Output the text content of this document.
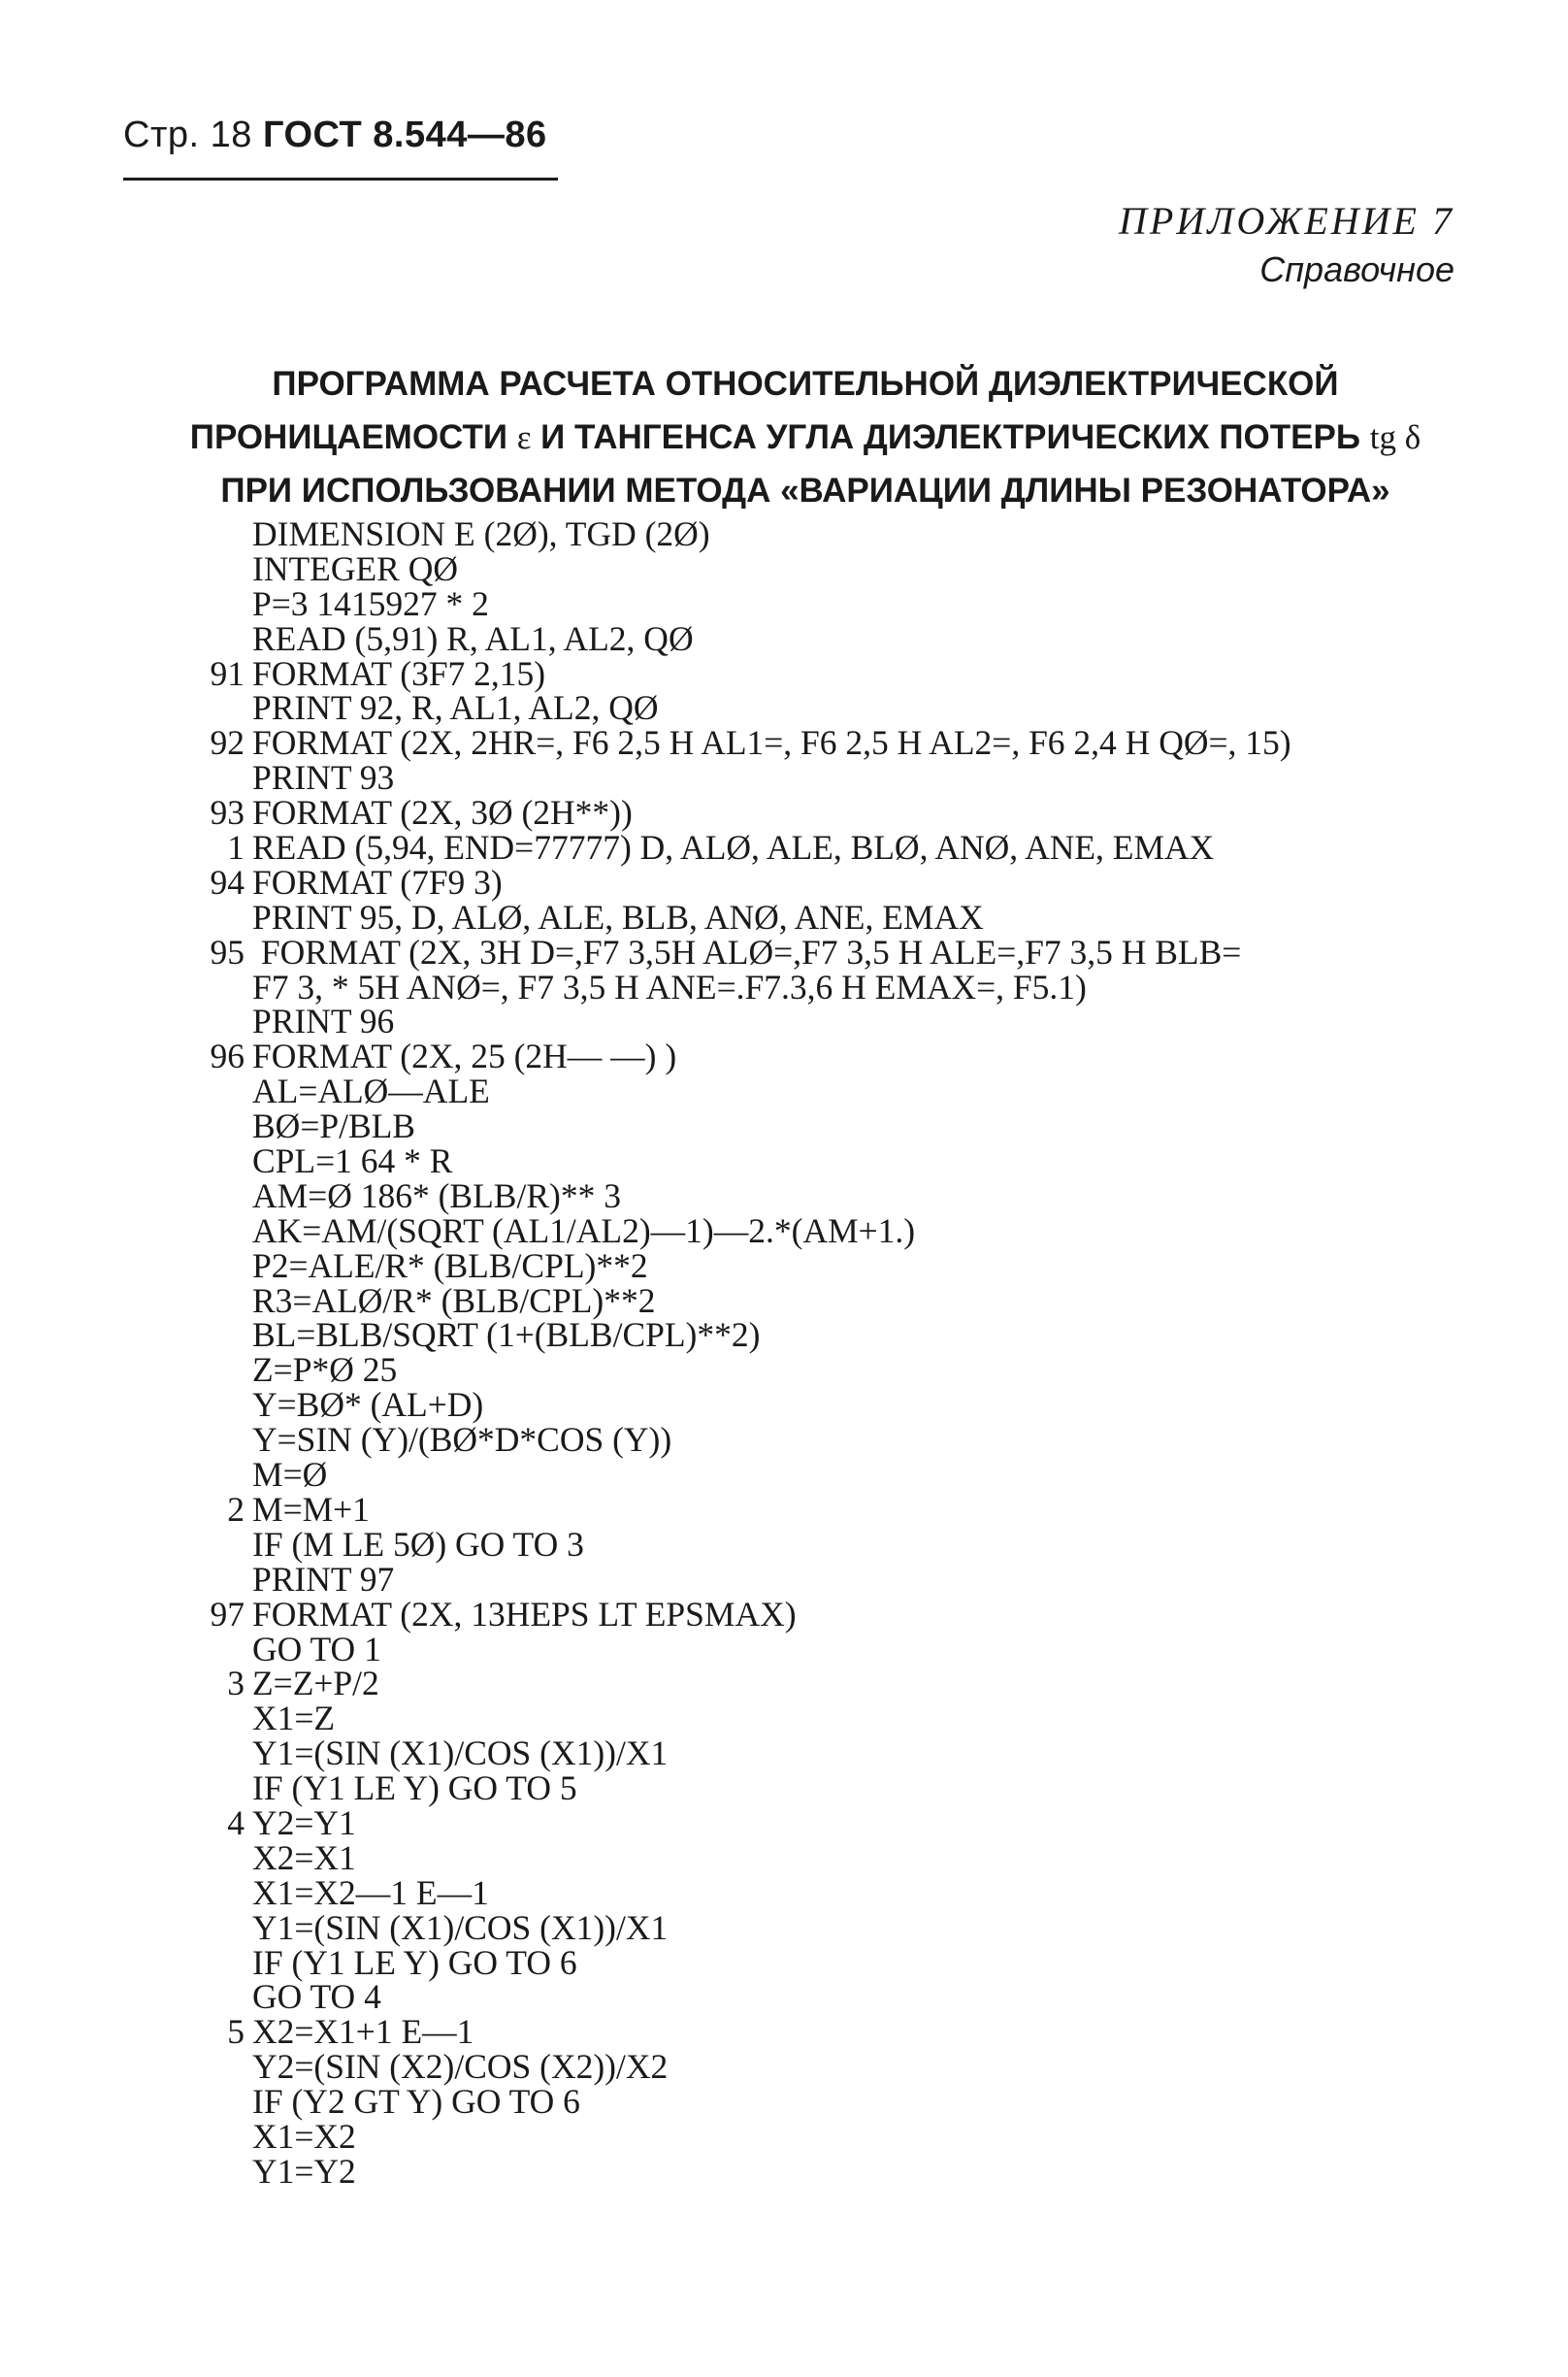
Стр. 18 ГОСТ 8.544—86
ПРИЛОЖЕНИЕ 7
Справочное
ПРОГРАММА РАСЧЕТА ОТНОСИТЕЛЬНОЙ ДИЭЛЕКТРИЧЕСКОЙ
ПРОНИЦАЕМОСТИ ε И ТАНГЕНСА УГЛА ДИЭЛЕКТРИЧЕСКИХ ПОТЕРЬ tg δ
ПРИ ИСПОЛЬЗОВАНИИ МЕТОДА «ВАРИАЦИИ ДЛИНЫ РЕЗОНАТОРА»
DIMENSION E (2Ø), TGD (2Ø)
INTEGER QØ
P=3 1415927 * 2
READ (5,91) R, AL1, AL2, QØ
91 FORMAT (3F7 2,15)
PRINT 92, R, AL1, AL2, QØ
92 FORMAT (2X, 2HR=, F6 2,5 H AL1=, F6 2,5 H AL2=, F6 2,4 H QØ=, 15)
PRINT 93
93 FORMAT (2X, 3Ø (2H**))
1 READ (5,94, END=77777) D, ALØ, ALE, BLØ, ANØ, ANE, EMAX
94 FORMAT (7F9 3)
PRINT 95, D, ALØ, ALE, BLB, ANØ, ANE, EMAX
95 FORMAT (2X, 3H D=,F7 3,5H ALØ=,F7 3,5 H ALE=,F7 3,5 H BLB=
F7 3, * 5H ANØ=, F7 3,5 H ANE=.F7.3,6 H EMAX=, F5.1)
PRINT 96
96 FORMAT (2X, 25 (2H— —) )
AL=ALØ—ALE
BØ=P/BLB
CPL=1 64 * R
AM=Ø 186* (BLB/R)** 3
AK=AM/(SQRT (AL1/AL2)—1)—2.*(AM+1.)
P2=ALE/R* (BLB/CPL)**2
R3=ALØ/R* (BLB/CPL)**2
BL=BLB/SQRT (1+(BLB/CPL)**2)
Z=P*Ø 25
Y=BØ* (AL+D)
Y=SIN (Y)/(BØ*D*COS (Y))
M=Ø
2 M=M+1
IF (M LE 5Ø) GO TO 3
PRINT 97
97 FORMAT (2X, 13HEPS LT EPSMAX)
GO TO 1
3 Z=Z+P/2
X1=Z
Y1=(SIN (X1)/COS (X1))/X1
IF (Y1 LE Y) GO TO 5
4 Y2=Y1
X2=X1
X1=X2—1 E—1
Y1=(SIN (X1)/COS (X1))/X1
IF (Y1 LE Y) GO TO 6
GO TO 4
5 X2=X1+1 E—1
Y2=(SIN (X2)/COS (X2))/X2
IF (Y2 GT Y) GO TO 6
X1=X2
Y1=Y2
